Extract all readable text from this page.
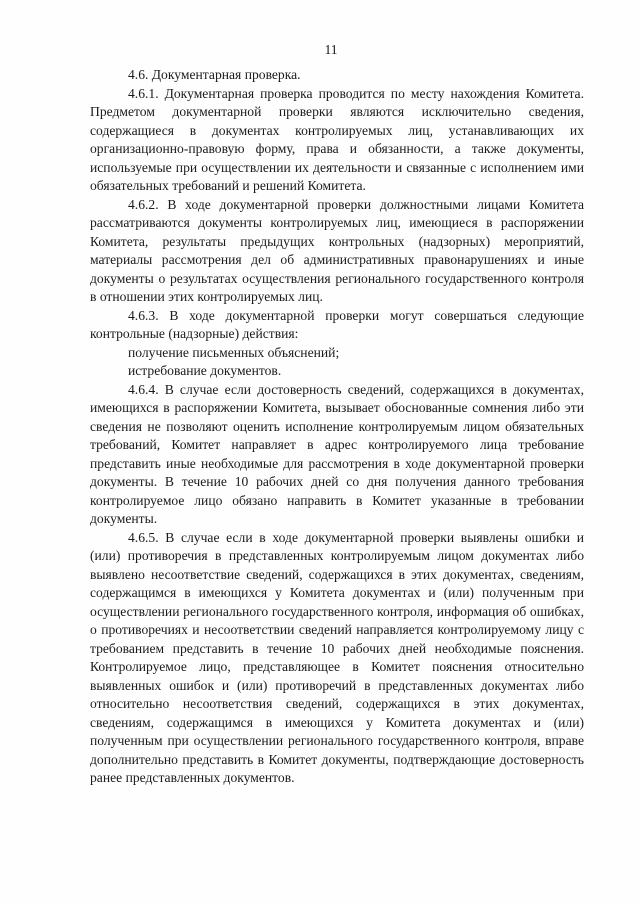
11

4.6. Документарная проверка.

4.6.1. Документарная проверка проводится по месту нахождения Комитета. Предметом документарной проверки являются исключительно сведения, содержащиеся в документах контролируемых лиц, устанавливающих их организационно-правовую форму, права и обязанности, а также документы, используемые при осуществлении их деятельности и связанные с исполнением ими обязательных требований и решений Комитета.

4.6.2. В ходе документарной проверки должностными лицами Комитета рассматриваются документы контролируемых лиц, имеющиеся в распоряжении Комитета, результаты предыдущих контрольных (надзорных) мероприятий, материалы рассмотрения дел об административных правонарушениях и иные документы о результатах осуществления регионального государственного контроля в отношении этих контролируемых лиц.

4.6.3. В ходе документарной проверки могут совершаться следующие контрольные (надзорные) действия:

получение письменных объяснений;

истребование документов.

4.6.4. В случае если достоверность сведений, содержащихся в документах, имеющихся в распоряжении Комитета, вызывает обоснованные сомнения либо эти сведения не позволяют оценить исполнение контролируемым лицом обязательных требований, Комитет направляет в адрес контролируемого лица требование представить иные необходимые для рассмотрения в ходе документарной проверки документы. В течение 10 рабочих дней со дня получения данного требования контролируемое лицо обязано направить в Комитет указанные в требовании документы.

4.6.5. В случае если в ходе документарной проверки выявлены ошибки и (или) противоречия в представленных контролируемым лицом документах либо выявлено несоответствие сведений, содержащихся в этих документах, сведениям, содержащимся в имеющихся у Комитета документах и (или) полученным при осуществлении регионального государственного контроля, информация об ошибках, о противоречиях и несоответствии сведений направляется контролируемому лицу с требованием представить в течение 10 рабочих дней необходимые пояснения. Контролируемое лицо, представляющее в Комитет пояснения относительно выявленных ошибок и (или) противоречий в представленных документах либо относительно несоответствия сведений, содержащихся в этих документах, сведениям, содержащимся в имеющихся у Комитета документах и (или) полученным при осуществлении регионального государственного контроля, вправе дополнительно представить в Комитет документы, подтверждающие достоверность ранее представленных документов.
